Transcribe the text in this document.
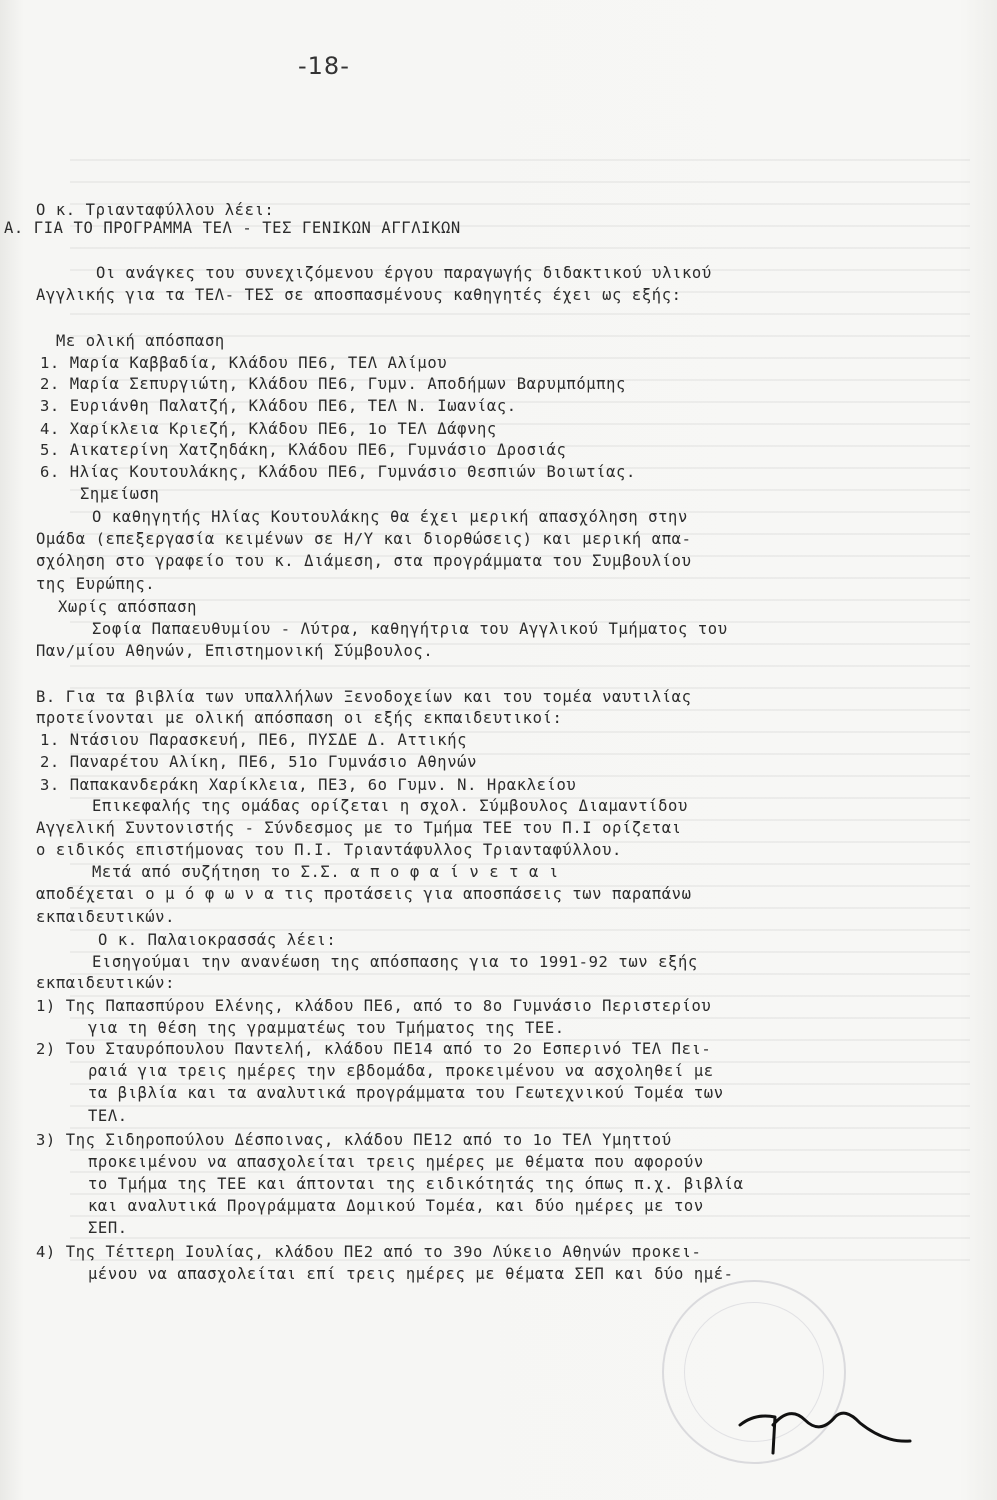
-18-
Ο κ. Τριανταφύλλου λέει:
Α. ΓΙΑ ΤΟ ΠΡΟΓΡΑΜΜΑ ΤΕΛ - ΤΕΣ ΓΕΝΙΚΩΝ ΑΓΓΛΙΚΩΝ
Οι ανάγκες του συνεχιζόμενου έργου παραγωγής διδακτικού υλικού
Αγγλικής για τα ΤΕΛ- ΤΕΣ σε αποσπασμένους καθηγητές έχει ως εξής:
Με ολική απόσπαση
1. Μαρία Καββαδία, Κλάδου ΠΕ6, ΤΕΛ Αλίμου
2. Μαρία Σεπυργιώτη, Κλάδου ΠΕ6, Γυμν. Αποδήμων Βαρυμπόμπης
3. Ευριάνθη Παλατζή, Κλάδου ΠΕ6, ΤΕΛ Ν. Ιωανίας.
4. Χαρίκλεια Κριεζή, Κλάδου ΠΕ6, 1ο ΤΕΛ Δάφνης
5. Αικατερίνη Χατζηδάκη, Κλάδου ΠΕ6, Γυμνάσιο Δροσιάς
6. Ηλίας Κουτουλάκης, Κλάδου ΠΕ6, Γυμνάσιο Θεσπιών Βοιωτίας.
Σημείωση
Ο καθηγητής Ηλίας Κουτουλάκης θα έχει μερική απασχόληση στην
Ομάδα (επεξεργασία κειμένων σε Η/Υ και διορθώσεις) και μερική απα-
σχόληση στο γραφείο του κ. Διάμεση, στα προγράμματα του Συμβουλίου
της Ευρώπης.
Χωρίς απόσπαση
Σοφία Παπαευθυμίου - Λύτρα, καθηγήτρια του Αγγλικού Τμήματος του
Παν/μίου Αθηνών, Επιστημονική Σύμβουλος.
Β. Για τα βιβλία των υπαλλήλων Ξενοδοχείων και του τομέα ναυτιλίας
προτείνονται με ολική απόσπαση οι εξής εκπαιδευτικοί:
1. Ντάσιου Παρασκευή, ΠΕ6, ΠΥΣΔΕ Δ. Αττικής
2. Παναρέτου Αλίκη, ΠΕ6, 51ο Γυμνάσιο Αθηνών
3. Παπακανδεράκη Χαρίκλεια, ΠΕ3, 6ο Γυμν. Ν. Ηρακλείου
Επικεφαλής της ομάδας ορίζεται η σχολ. Σύμβουλος Διαμαντίδου
Αγγελική Συντονιστής - Σύνδεσμος με το Τμήμα ΤΕΕ του Π.Ι ορίζεται
ο ειδικός επιστήμονας του Π.Ι. Τριαντάφυλλος Τριανταφύλλου.
Μετά από συζήτηση το Σ.Σ. α π ο φ α ί ν ε τ α ι
αποδέχεται ο μ ό φ ω ν α τις προτάσεις για αποσπάσεις των παραπάνω
εκπαιδευτικών.
Ο κ. Παλαιοκρασσάς λέει:
Εισηγούμαι την ανανέωση της απόσπασης για το 1991-92 των εξής
εκπαιδευτικών:
1) Της Παπασπύρου Ελένης, κλάδου ΠΕ6, από το 8ο Γυμνάσιο Περιστερίου
για τη θέση της γραμματέως του Τμήματος της ΤΕΕ.
2) Του Σταυρόπουλου Παντελή, κλάδου ΠΕ14 από το 2ο Εσπερινό ΤΕΛ Πει-
ραιά για τρεις ημέρες την εβδομάδα, προκειμένου να ασχοληθεί με
τα βιβλία και τα αναλυτικά προγράμματα του Γεωτεχνικού Τομέα των
ΤΕΛ.
3) Της Σιδηροπούλου Δέσποινας, κλάδου ΠΕ12 από το 1ο ΤΕΛ Υμηττού
προκειμένου να απασχολείται τρεις ημέρες με θέματα που αφορούν
το Τμήμα της ΤΕΕ και άπτονται της ειδικότητάς της όπως π.χ. βιβλία
και αναλυτικά Προγράμματα Δομικού Τομέα, και δύο ημέρες με τον
ΣΕΠ.
4) Της Τέττερη Ιουλίας, κλάδου ΠΕ2 από το 39ο Λύκειο Αθηνών προκει-
μένου να απασχολείται επί τρεις ημέρες με θέματα ΣΕΠ και δύο ημέ-
